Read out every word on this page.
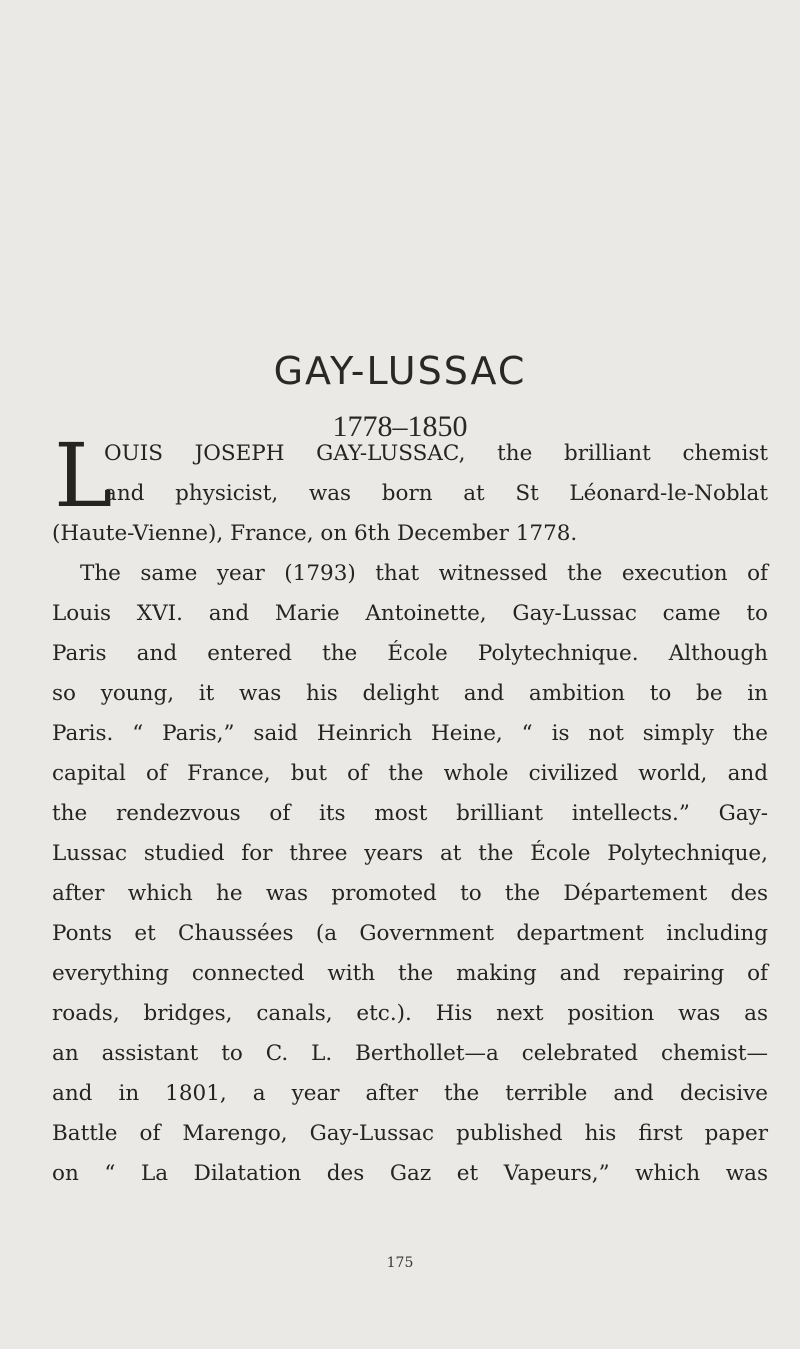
GAY-LUSSAC
1778–1850
L
OUIS JOSEPH GAY-LUSSAC, the brilliant chemist
and physicist, was born at St Léonard-le-Noblat
(Haute-Vienne), France, on 6th December 1778.
The same year (1793) that witnessed the execution of
Louis XVI. and Marie Antoinette, Gay-Lussac came to
Paris and entered the École Polytechnique. Although
so young, it was his delight and ambition to be in
Paris. “ Paris,” said Heinrich Heine, “ is not simply the
capital of France, but of the whole civilized world, and
the rendezvous of its most brilliant intellects.” Gay-
Lussac studied for three years at the École Polytechnique,
after which he was promoted to the Département des
Ponts et Chaussées (a Government department including
everything connected with the making and repairing of
roads, bridges, canals, etc.). His next position was as
an assistant to C. L. Berthollet—a celebrated chemist—
and in 1801, a year after the terrible and decisive
Battle of Marengo, Gay-Lussac published his first paper
on “ La Dilatation des Gaz et Vapeurs,” which was
175
